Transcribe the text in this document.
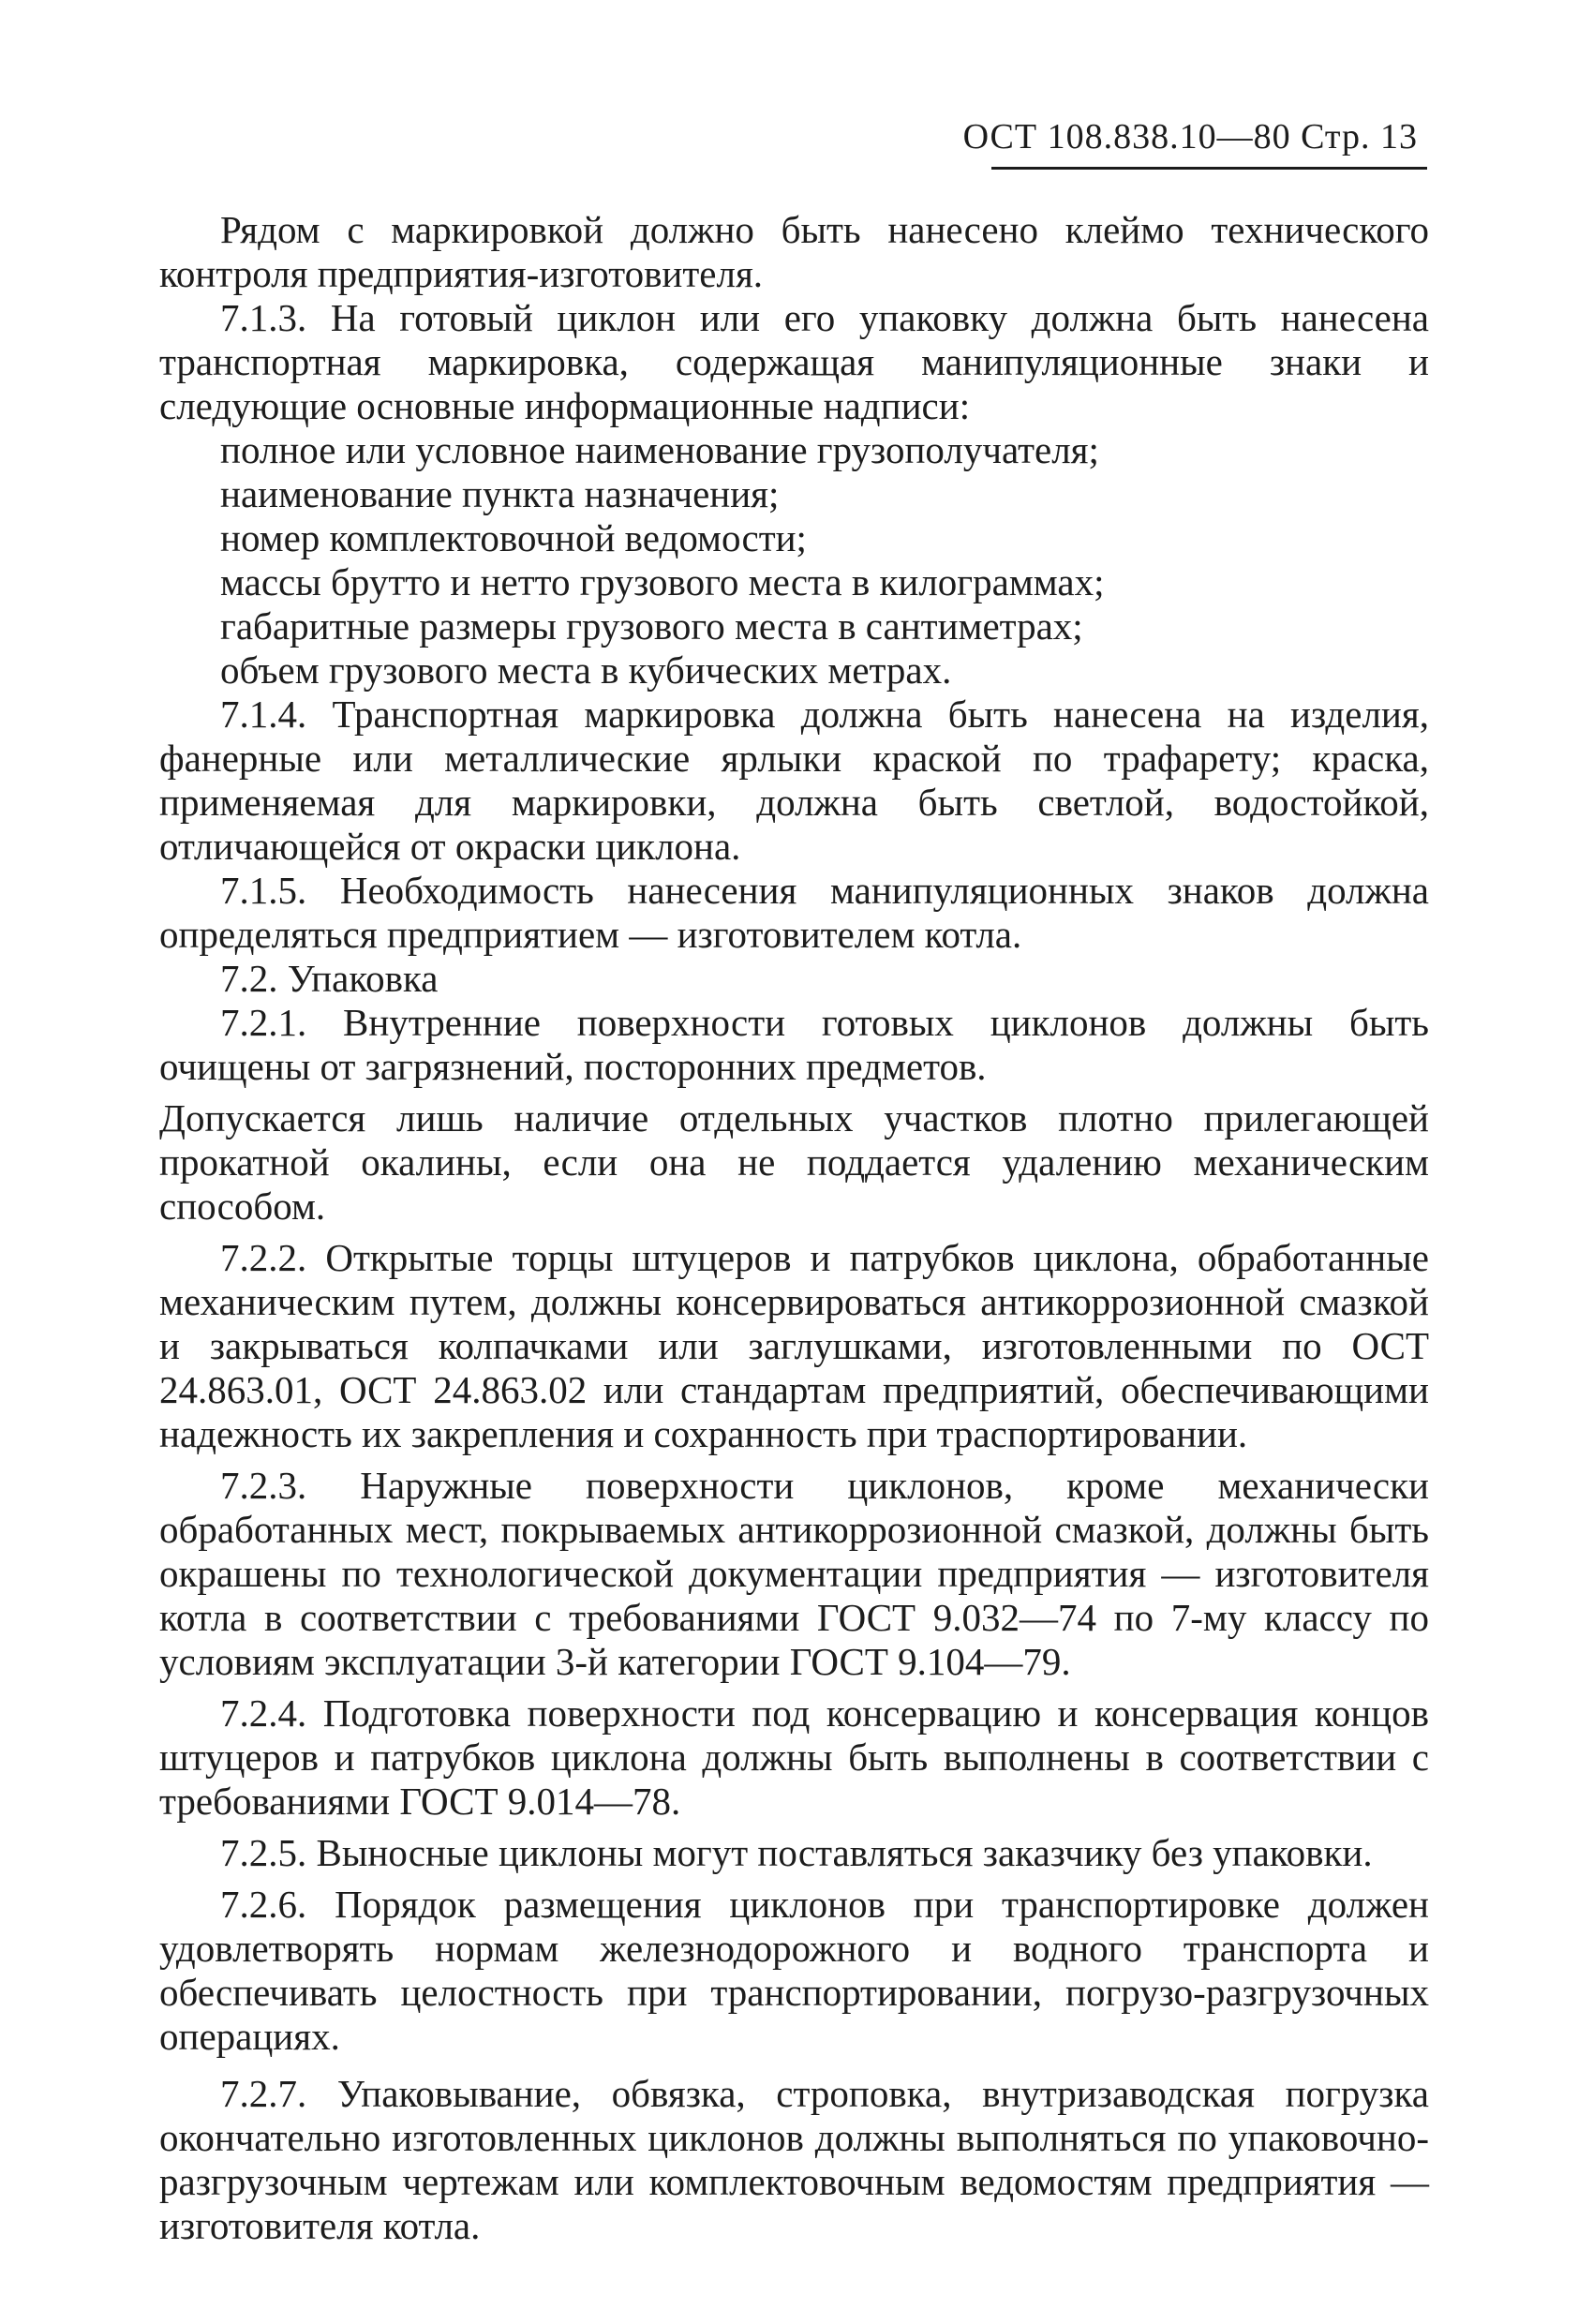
ОСТ 108.838.10—80 Стр. 13

Рядом с маркировкой должно быть нанесено клеймо технического контроля предприятия-изготовителя.

7.1.3. На готовый циклон или его упаковку должна быть нанесена транспортная маркировка, содержащая манипуляционные знаки и следующие основные информационные надписи:

полное или условное наименование грузополучателя;

наименование пункта назначения;

номер комплектовочной ведомости;

массы брутто и нетто грузового места в килограммах;

габаритные размеры грузового места в сантиметрах;

объем грузового места в кубических метрах.

7.1.4. Транспортная маркировка должна быть нанесена на изделия, фанерные или металлические ярлыки краской по трафарету; краска, применяемая для маркировки, должна быть светлой, водостойкой, отличающейся от окраски циклона.

7.1.5. Необходимость нанесения манипуляционных знаков должна определяться предприятием — изготовителем котла.

7.2. Упаковка

7.2.1. Внутренние поверхности готовых циклонов должны быть очищены от загрязнений, посторонних предметов.

Допускается лишь наличие отдельных участков плотно прилегающей прокатной окалины, если она не поддается удалению механическим способом.

7.2.2. Открытые торцы штуцеров и патрубков циклона, обработанные механическим путем, должны консервироваться антикоррозионной смазкой и закрываться колпачками или заглушками, изготовленными по ОСТ 24.863.01, ОСТ 24.863.02 или стандартам предприятий, обеспечивающими надежность их закрепления и сохранность при траспортировании.

7.2.3. Наружные поверхности циклонов, кроме механически обработанных мест, покрываемых антикоррозионной смазкой, должны быть окрашены по технологической документации предприятия — изготовителя котла в соответствии с требованиями ГОСТ 9.032—74 по 7-му классу по условиям эксплуатации 3-й категории ГОСТ 9.104—79.

7.2.4. Подготовка поверхности под консервацию и консервация концов штуцеров и патрубков циклона должны быть выполнены в соответствии с требованиями ГОСТ 9.014—78.

7.2.5. Выносные циклоны могут поставляться заказчику без упаковки.

7.2.6. Порядок размещения циклонов при транспортировке должен удовлетворять нормам железнодорожного и водного транспорта и обеспечивать целостность при транспортировании, погрузо-разгрузочных операциях.

7.2.7. Упаковывание, обвязка, строповка, внутризаводская погрузка окончательно изготовленных циклонов должны выполняться по упаковочно-разгрузочным чертежам или комплектовочным ведомостям предприятия — изготовителя котла.
